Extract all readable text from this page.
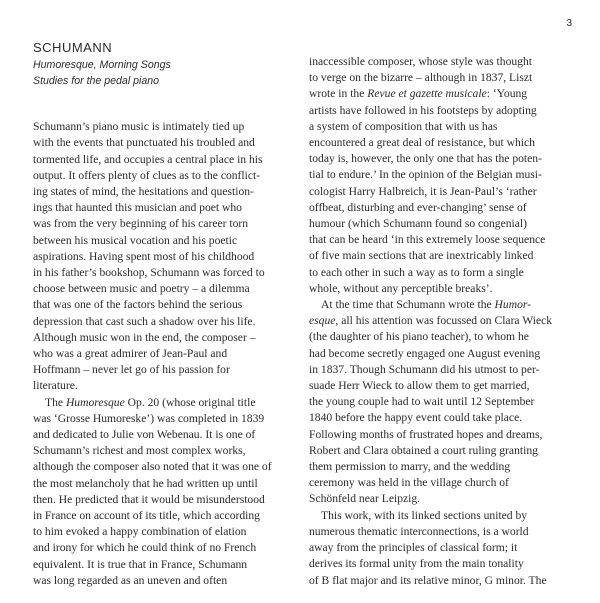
3
SCHUMANN
Humoresque, Morning Songs
Studies for the pedal piano

Schumann’s piano music is intimately tied up
with the events that punctuated his troubled and
tormented life, and occupies a central place in his
output. It offers plenty of clues as to the conflict-
ing states of mind, the hesitations and question-
ings that haunted this musician and poet who
was from the very beginning of his career torn
between his musical vocation and his poetic
aspirations. Having spent most of his childhood
in his father’s bookshop, Schumann was forced to
choose between music and poetry – a dilemma
that was one of the factors behind the serious
depression that cast such a shadow over his life.
Although music won in the end, the composer –
who was a great admirer of Jean-Paul and
Hoffmann – never let go of his passion for
literature.

The Humoresque Op. 20 (whose original title
was ‘Grosse Humoreske’) was completed in 1839
and dedicated to Julie von Webenau. It is one of
Schumann’s richest and most complex works,
although the composer also noted that it was one of
the most melancholy that he had written up until
then. He predicted that it would be misunderstood
in France on account of its title, which according
to him evoked a happy combination of elation
and irony for which he could think of no French
equivalent. It is true that in France, Schumann
was long regarded as an uneven and often

inaccessible composer, whose style was thought
to verge on the bizarre – although in 1837, Liszt
wrote in the Revue et gazette musicale: ‘Young
artists have followed in his footsteps by adopting
a system of composition that with us has
encountered a great deal of resistance, but which
today is, however, the only one that has the poten-
tial to endure.’ In the opinion of the Belgian musi-
cologist Harry Halbreich, it is Jean-Paul’s ‘rather
offbeat, disturbing and ever-changing’ sense of
humour (which Schumann found so congenial)
that can be heard ‘in this extremely loose sequence
of five main sections that are inextricably linked
to each other in such a way as to form a single
whole, without any perceptible breaks’.

At the time that Schumann wrote the Humor-
esque, all his attention was focussed on Clara Wieck
(the daughter of his piano teacher), to whom he
had become secretly engaged one August evening
in 1837. Though Schumann did his utmost to per-
suade Herr Wieck to allow them to get married,
the young couple had to wait until 12 September
1840 before the happy event could take place.
Following months of frustrated hopes and dreams,
Robert and Clara obtained a court ruling granting
them permission to marry, and the wedding
ceremony was held in the village church of
Schönfeld near Leipzig.

This work, with its linked sections united by
numerous thematic interconnections, is a world
away from the principles of classical form; it
derives its formal unity from the main tonality
of B flat major and its relative minor, G minor. The
